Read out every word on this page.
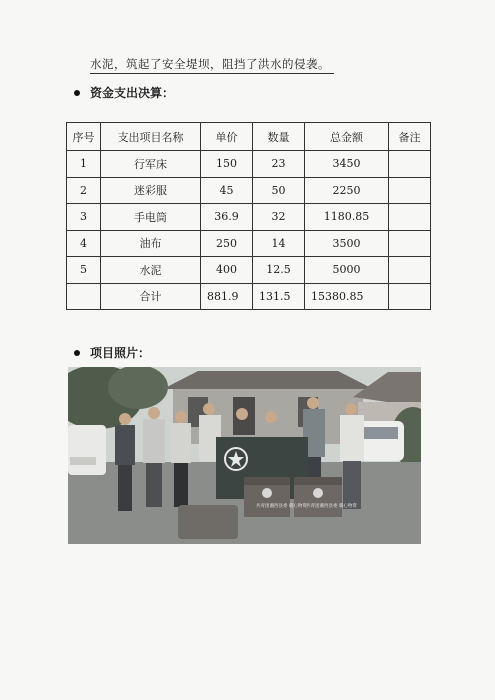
水泥，筑起了安全堤坝，阻挡了洪水的侵袭。
资金支出决算：
序号	支出项目名称	单价	数量	总金额	备注
1	行军床	150	23	3450	
2	迷彩服	45	50	2250	
3	手电筒	36.9	32	1180.85	
4	油布	250	14	3500	
5	水泥	400	12.5	5000	
	合计	881.9	131.5	15380.85	
项目照片：
共青团湘西县委 暖心物资 共青团湘西县委 暖心物资
